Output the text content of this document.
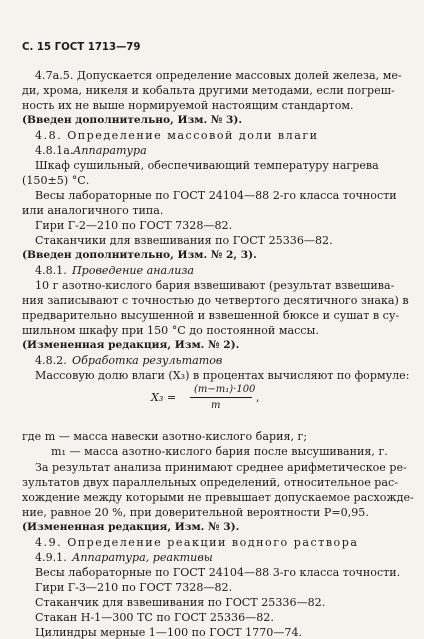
С. 15 ГОСТ 1713—79

4.7а.5. Допускается определение массовых долей железа, ме-

ди, хрома, никеля и кобальта другими методами, если погреш-

ность их не выше нормируемой настоящим стандартом.

(Введен дополнительно, Изм. № 3).

4.8. Определение массовой доли влаги

4.8.1а. Аппаратура

Шкаф сушильный, обеспечивающий температуру нагрева

(150±5) °С.

Весы лабораторные по ГОСТ 24104—88 2-го класса точности

или аналогичного типа.

Гири Г-2—210 по ГОСТ 7328—82.

Стаканчики для взвешивания по ГОСТ 25336—82.

(Введен дополнительно, Изм. № 2, 3).

4.8.1. Проведение анализа

10 г азотно-кислого бария взвешивают (результат взвешива-

ния записывают с точностью до четвертого десятичного знака) в

предварительно высушенной и взвешенной бюксе и сушат в су-

шильном шкафу при 150 °С до постоянной массы.

(Измененная редакция, Изм. № 2).

4.8.2. Обработка результатов

Массовую долю влаги (X₃) в процентах вычисляют по формуле:

где m — масса навески азотно-кислого бария, г;

m₁ — масса азотно-кислого бария после высушивания, г.

За результат анализа принимают среднее арифметическое ре-

зультатов двух параллельных определений, относительное рас-

хождение между которыми не превышает допускаемое расхожде-

ние, равное 20 %, при доверительной вероятности P=0,95.

(Измененная редакция, Изм. № 3).

4.9. Определение реакции водного раствора

4.9.1. Аппаратура, реактивы

Весы лабораторные по ГОСТ 24104—88 3-го класса точности.

Гири Г-3—210 по ГОСТ 7328—82.

Стаканчик для взвешивания по ГОСТ 25336—82.

Стакан Н-1—300 ТС по ГОСТ 25336—82.

Цилиндры мерные 1—100 по ГОСТ 1770—74.

X₃ =
(m−m₁)·100
m
,
